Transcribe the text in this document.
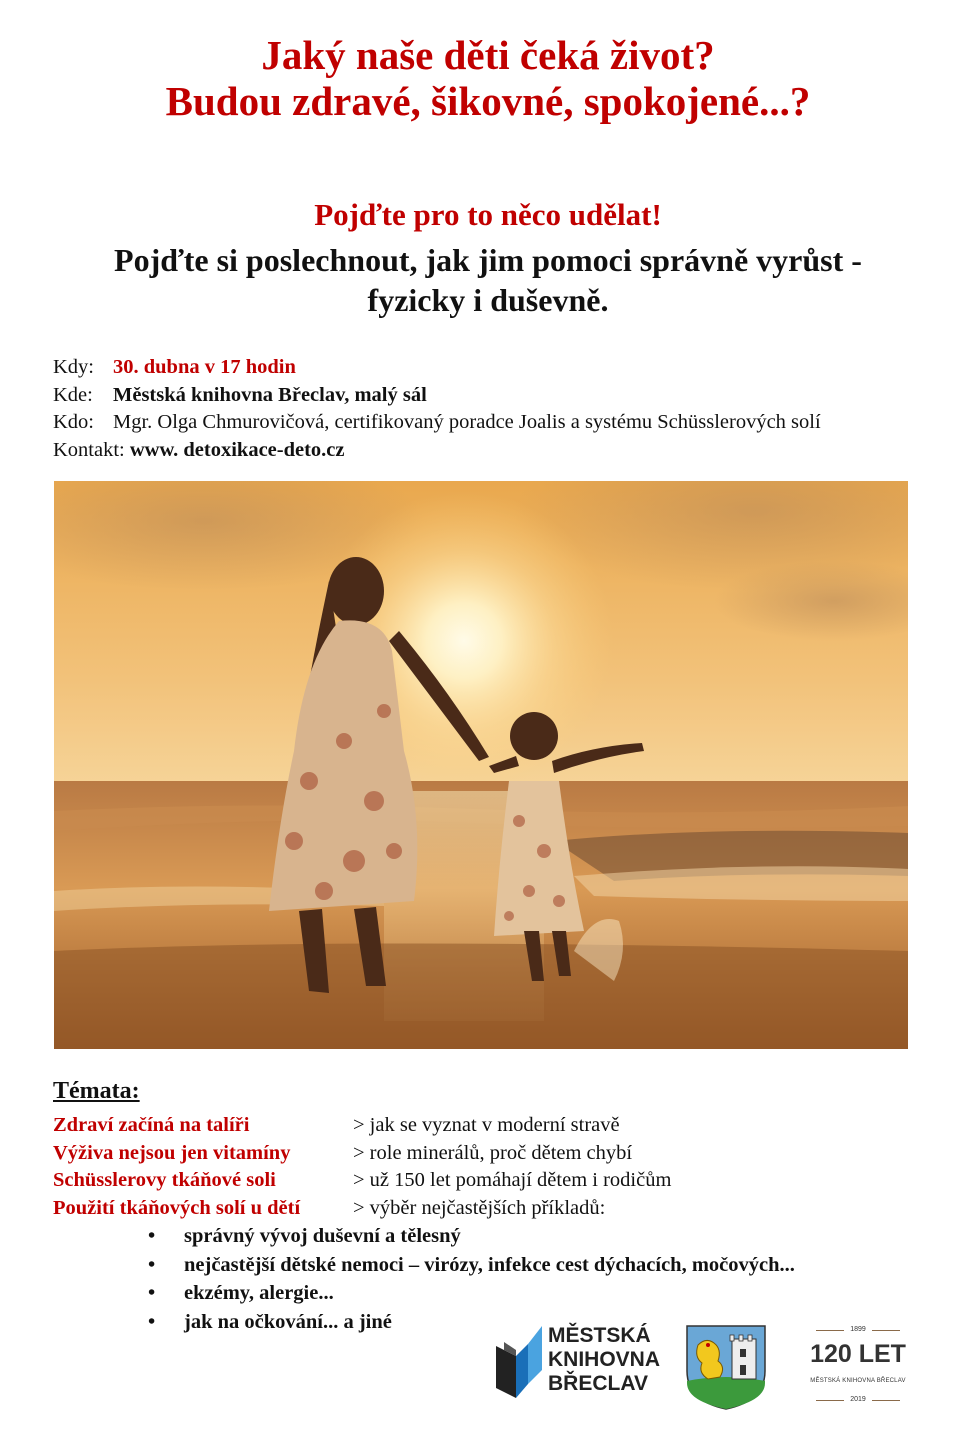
Jaký naše děti čeká život?
Budou zdravé, šikovné, spokojené...?
Pojďte pro to něco udělat!
Pojďte si poslechnout, jak jim pomoci správně vyrůst -
fyzicky i duševně.
Kdy: 30. dubna v 17 hodin
Kde: Městská knihovna Břeclav, malý sál
Kdo: Mgr. Olga Chmurovičová, certifikovaný poradce Joalis a systému Schüsslerových solí
Kontakt: www. detoxikace-deto.cz
Témata:
Zdraví začíná na talíři	> jak se vyznat v moderní stravě
Výživa nejsou jen vitamíny	> role minerálů, proč dětem chybí
Schüsslerovy tkáňové soli	> už 150 let pomáhají dětem i rodičům
Použití tkáňových solí u dětí	> výběr nejčastějších příkladů:
• správný vývoj duševní a tělesný
• nejčastější dětské nemoci – virózy, infekce cest dýchacích, močových...
• ekzémy, alergie...
• jak na očkování... a jiné
MĚSTSKÁ
KNIHOVNA
BŘECLAV
1899
120 LET
MĚSTSKÁ KNIHOVNA BŘECLAV
2019
